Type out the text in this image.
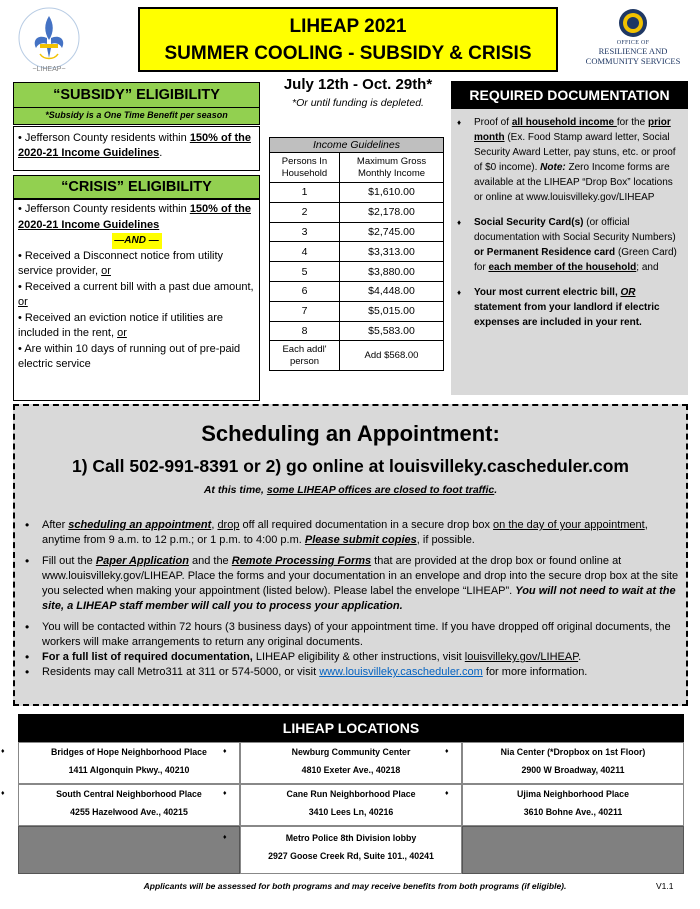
~LIHEAP~
LIHEAP 2021
SUMMER COOLING - SUBSIDY & CRISIS	OFFICE OF
RESILIENCE AND
COMMUNITY SERVICES
“SUBSIDY” ELIGIBILITY
*Subsidy is a One Time Benefit per season
• Jefferson County residents within 150% of the 2020-21 Income Guidelines.
“CRISIS” ELIGIBILITY
• Jefferson County residents within 150% of the 2020-21 Income Guidelines
—AND —
• Received a Disconnect notice from utility service provider, or
• Received a current bill with a past due amount, or
• Received an eviction notice if utilities are included in the rent, or
• Are within 10 days of running out of pre-paid electric service
July 12th - Oct. 29th*
*Or until funding is depleted.
Income Guidelines	
Persons In Household	Maximum Gross Monthly Income
1	$1,610.00
2	$2,178.00
3	$2,745.00
4	$3,313.00
5	$3,880.00
6	$4,448.00
7	$5,015.00
8	$5,583.00
Each addl' person	Add $568.00
REQUIRED DOCUMENTATION
♦ Proof of all household income for the prior month (Ex. Food Stamp award letter, Social Security Award Letter, pay stuns, etc. or proof of $0 income). Note: Zero Income forms are available at the LIHEAP “Drop Box” locations or online at www.louisvilleky.gov/LIHEAP
♦ Social Security Card(s) (or official documentation with Social Security Numbers) or Permanent Residence card (Green Card) for each member of the household; and
♦ Your most current electric bill, OR statement from your landlord if electric expenses are included in your rent.
Scheduling an Appointment:
1) Call 502-991-8391 or 2) go online at louisvilleky.cascheduler.com
At this time, some LIHEAP offices are closed to foot traffic.
• After scheduling an appointment, drop off all required documentation in a secure drop box on the day of your appointment, anytime from 9 a.m. to 12 p.m.; or 1 p.m. to 4:00 p.m. Please submit copies, if possible.
• Fill out the Paper Application and the Remote Processing Forms that are provided at the drop box or found online at www.louisvilleky.gov/LIHEAP. Place the forms and your documentation in an envelope and drop into the secure drop box at the site you selected when making your appointment (listed below). Please label the envelope “LIHEAP”. You will not need to wait at the site, a LIHEAP staff member will call you to process your application.
• You will be contacted within 72 hours (3 business days) of your appointment time. If you have dropped off original documents, the workers will make arrangements to return any original documents.
• For a full list of required documentation, LIHEAP eligibility & other instructions, visit louisvilleky.gov/LIHEAP.
• Residents may call Metro311 at 311 or 574-5000, or visit www.louisvilleky.cascheduler.com for more information.
LIHEAP LOCATIONS
♦ Bridges of Hope Neighborhood Place
1411 Algonquin Pkwy., 40210
♦ Newburg Community Center
4810 Exeter Ave., 40218
♦ Nia Center (*Dropbox on 1st Floor)
2900 W Broadway, 40211
♦ South Central Neighborhood Place
4255 Hazelwood Ave., 40215
♦ Cane Run Neighborhood Place
3410 Lees Ln, 40216
♦ Ujima Neighborhood Place
3610 Bohne Ave., 40211
♦ Metro Police 8th Division lobby
2927 Goose Creek Rd, Suite 101., 40241
Applicants will be assessed for both programs and may receive benefits from both programs (if eligible).	V1.1
